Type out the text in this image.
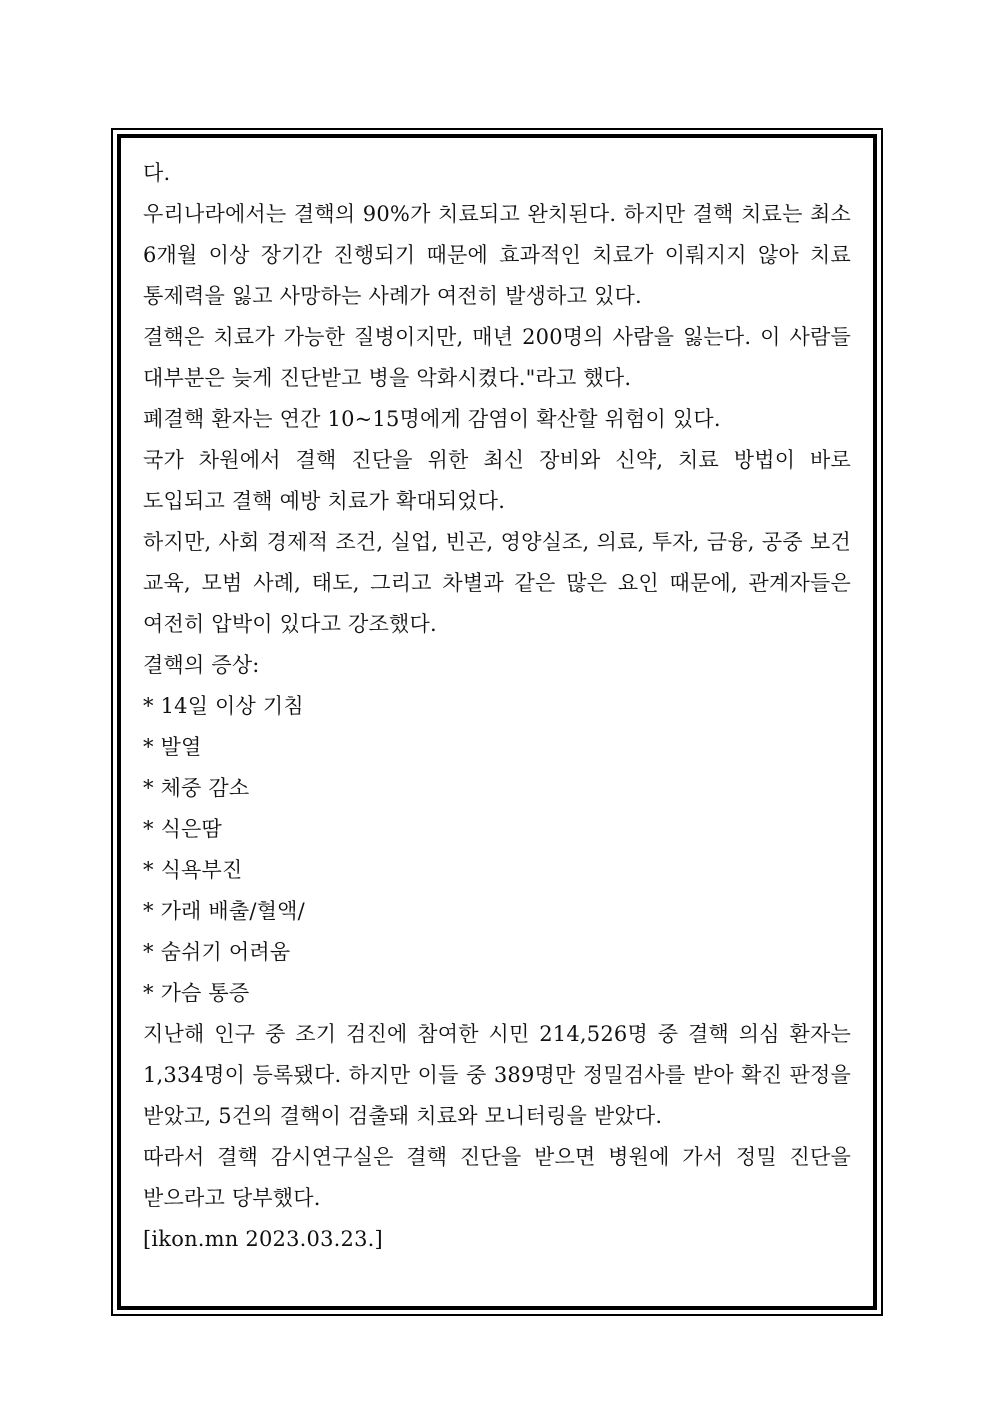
다.

우리나라에서는 결핵의 90%가 치료되고 완치된다. 하지만 결핵 치료는 최소 6개월 이상 장기간 진행되기 때문에 효과적인 치료가 이뤄지지 않아 치료 통제력을 잃고 사망하는 사례가 여전히 발생하고 있다.

결핵은 치료가 가능한 질병이지만, 매년 200명의 사람을 잃는다. 이 사람들 대부분은 늦게 진단받고 병을 악화시켰다."라고 했다.

폐결핵 환자는 연간 10~15명에게 감염이 확산할 위험이 있다.

국가 차원에서 결핵 진단을 위한 최신 장비와 신약, 치료 방법이 바로 도입되고 결핵 예방 치료가 확대되었다.

하지만, 사회 경제적 조건, 실업, 빈곤, 영양실조, 의료, 투자, 금융, 공중 보건 교육, 모범 사례, 태도, 그리고 차별과 같은 많은 요인 때문에, 관계자들은 여전히 압박이 있다고 강조했다.

결핵의 증상:

* 14일 이상 기침

* 발열

* 체중 감소

* 식은땀

* 식욕부진

* 가래 배출/혈액/

* 숨쉬기 어려움

* 가슴 통증

지난해 인구 중 조기 검진에 참여한 시민 214,526명 중 결핵 의심 환자는 1,334명이 등록됐다. 하지만 이들 중 389명만 정밀검사를 받아 확진 판정을 받았고, 5건의 결핵이 검출돼 치료와 모니터링을 받았다.

따라서 결핵 감시연구실은 결핵 진단을 받으면 병원에 가서 정밀 진단을 받으라고 당부했다.

[ikon.mn 2023.03.23.]
